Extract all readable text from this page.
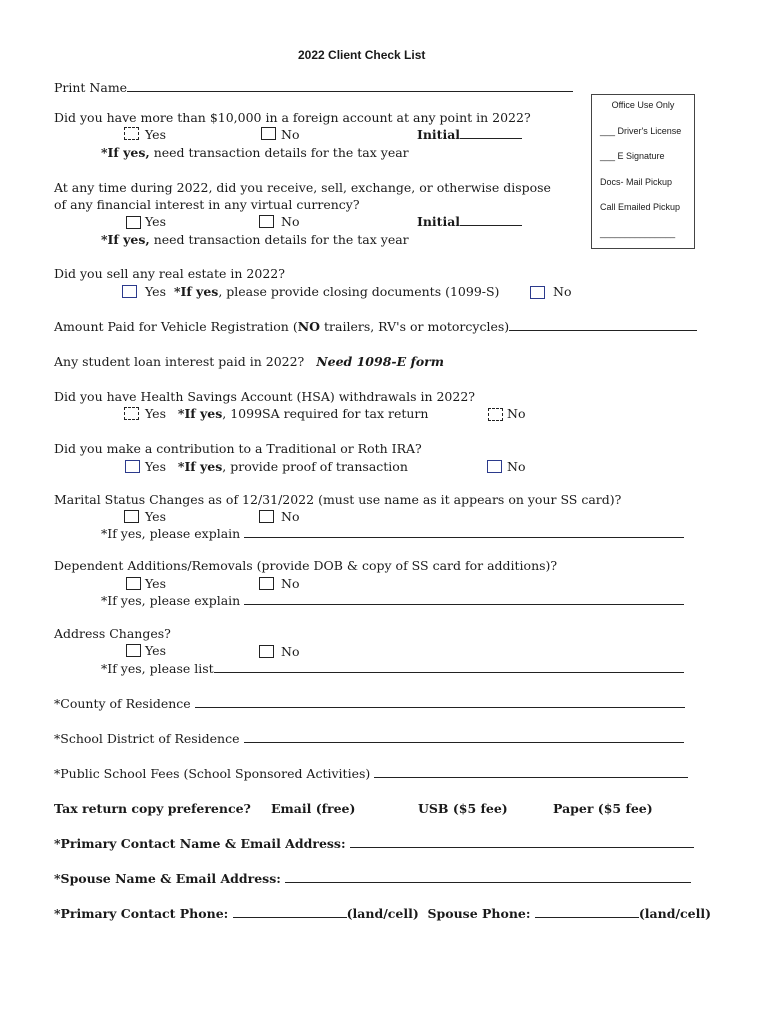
2022 Client Check List
Print Name
Office Use Only
___ Driver's License
___ E Signature
Docs- Mail Pickup
Call Emailed Pickup
_______________
Did you have more than $10,000 in a foreign account at any point in 2022?
Yes	No	Initial
*If yes, need transaction details for the tax year
At any time during 2022, did you receive, sell, exchange, or otherwise dispose
of any financial interest in any virtual currency?
Yes	No	Initial
*If yes, need transaction details for the tax year
Did you sell any real estate in 2022?
Yes *If yes, please provide closing documents (1099-S)	No
Amount Paid for Vehicle Registration (NO trailers, RV's or motorcycles)
Any student loan interest paid in 2022? Need 1098-E form
Did you have Health Savings Account (HSA) withdrawals in 2022?
Yes *If yes, 1099SA required for tax return	No
Did you make a contribution to a Traditional or Roth IRA?
Yes *If yes, provide proof of transaction	No
Marital Status Changes as of 12/31/2022 (must use name as it appears on your SS card)?
Yes	No
*If yes, please explain
Dependent Additions/Removals (provide DOB & copy of SS card for additions)?
Yes	No
*If yes, please explain
Address Changes?
Yes	No
*If yes, please list
*County of Residence
*School District of Residence
*Public School Fees (School Sponsored Activities)
Tax return copy preference? Email (free)	USB ($5 fee)	Paper ($5 fee)
*Primary Contact Name & Email Address:
*Spouse Name & Email Address:
*Primary Contact Phone:	(land/cell) Spouse Phone:	(land/cell)
